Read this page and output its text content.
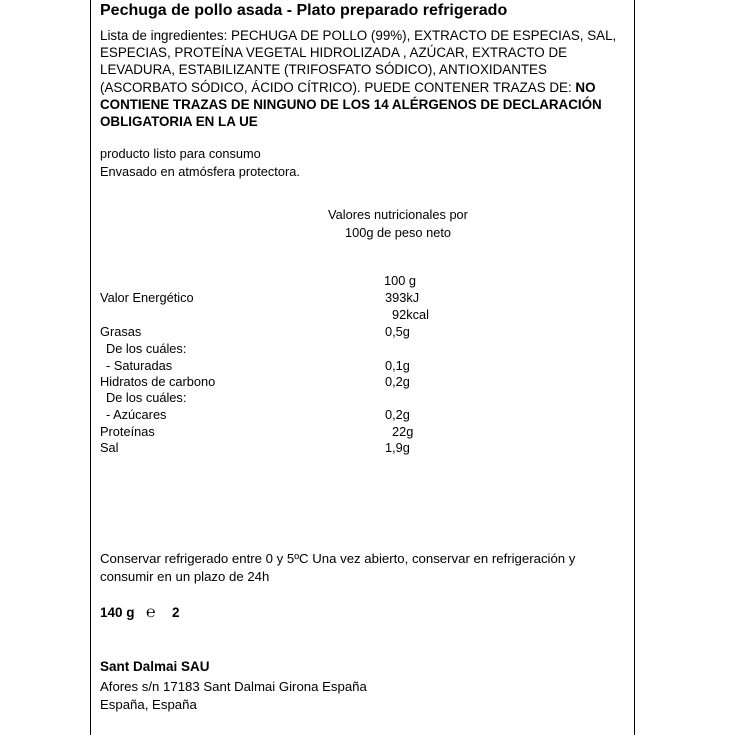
Pechuga de pollo asada - Plato preparado refrigerado
Lista de ingredientes: PECHUGA DE POLLO (99%), EXTRACTO DE ESPECIAS, SAL, ESPECIAS, PROTEÍNA VEGETAL HIDROLIZADA , AZÚCAR, EXTRACTO DE LEVADURA, ESTABILIZANTE (TRIFOSFATO SÓDICO), ANTIOXIDANTES (ASCORBATO SÓDICO, ÁCIDO CÍTRICO). PUEDE CONTENER TRAZAS DE: NO CONTIENE TRAZAS DE NINGUNO DE LOS 14 ALÉRGENOS DE DECLARACIÓN OBLIGATORIA EN LA UE
producto listo para consumo
Envasado en atmósfera protectora.
Valores nutricionales por
100g de peso neto
100 g
Valor Energético	393kJ
92kcal
Grasas	0,5g
De los cuáles:
- Saturadas	0,1g
Hidratos de carbono	0,2g
De los cuáles:
- Azúcares	0,2g
Proteínas	22g
Sal	1,9g
Conservar refrigerado entre 0 y 5ºC Una vez abierto, conservar en refrigeración y
consumir en un plazo de 24h
140 g ℮ 2
Sant Dalmai SAU
Afores s/n 17183 Sant Dalmai Girona España
España, España
